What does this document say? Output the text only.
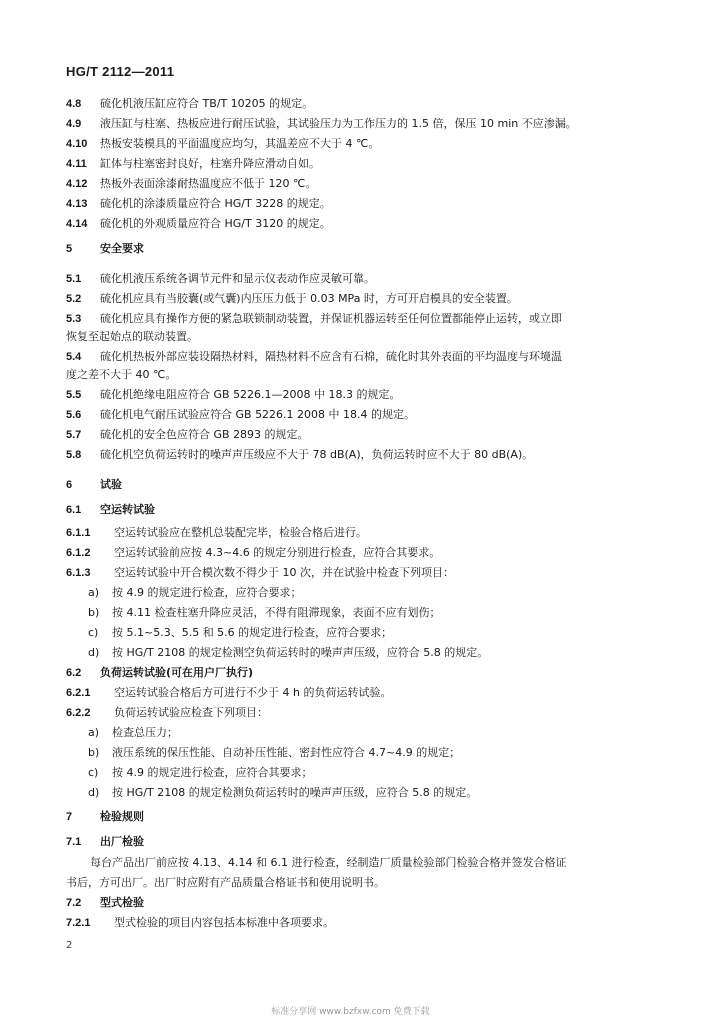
HG/T 2112—2011
4.8 硫化机液压缸应符合 TB/T 10205 的规定。
4.9 液压缸与柱塞、热板应进行耐压试验，其试验压力为工作压力的 1.5 倍，保压 10 min 不应渗漏。
4.10 热板安装模具的平面温度应均匀，其温差应不大于 4 ℃。
4.11 缸体与柱塞密封良好，柱塞升降应滑动自如。
4.12 热板外表面涂漆耐热温度应不低于 120 ℃。
4.13 硫化机的涂漆质量应符合 HG/T 3228 的规定。
4.14 硫化机的外观质量应符合 HG/T 3120 的规定。
5	安全要求
5.1 硫化机液压系统各调节元件和显示仪表动作应灵敏可靠。
5.2 硫化机应具有当胶囊(或气囊)内压压力低于 0.03 MPa 时，方可开启模具的安全装置。
5.3 硫化机应具有操作方便的紧急联锁制动装置，并保证机器运转至任何位置都能停止运转，或立即
恢复至起始点的联动装置。
5.4 硫化机热板外部应装设隔热材料，隔热材料不应含有石棉，硫化时其外表面的平均温度与环境温
度之差不大于 40 ℃。
5.5 硫化机绝缘电阻应符合 GB 5226.1—2008 中 18.3 的规定。
5.6 硫化机电气耐压试验应符合 GB 5226.1 2008 中 18.4 的规定。
5.7 硫化机的安全色应符合 GB 2893 的规定。
5.8 硫化机空负荷运转时的噪声声压级应不大于 78 dB(A)，负荷运转时应不大于 80 dB(A)。
6	试验
6.1 空运转试验
6.1.1 空运转试验应在整机总装配完毕，检验合格后进行。
6.1.2 空运转试验前应按 4.3~4.6 的规定分别进行检查，应符合其要求。
6.1.3 空运转试验中开合模次数不得少于 10 次，并在试验中检查下列项目：
a) 按 4.9 的规定进行检查，应符合要求；
b) 按 4.11 检查柱塞升降应灵活，不得有阻滞现象，表面不应有划伤；
c) 按 5.1~5.3、5.5 和 5.6 的规定进行检查，应符合要求；
d) 按 HG/T 2108 的规定检测空负荷运转时的噪声声压级，应符合 5.8 的规定。
6.2 负荷运转试验(可在用户厂执行)
6.2.1 空运转试验合格后方可进行不少于 4 h 的负荷运转试验。
6.2.2 负荷运转试验应检查下列项目：
a) 检查总压力；
b) 液压系统的保压性能、自动补压性能、密封性应符合 4.7~4.9 的规定；
c) 按 4.9 的规定进行检查，应符合其要求；
d) 按 HG/T 2108 的规定检测负荷运转时的噪声声压级，应符合 5.8 的规定。
7	检验规则
7.1 出厂检验
每台产品出厂前应按 4.13、4.14 和 6.1 进行检查，经制造厂质量检验部门检验合格并签发合格证
书后，方可出厂。出厂时应附有产品质量合格证书和使用说明书。
7.2 型式检验
7.2.1 型式检验的项目内容包括本标准中各项要求。
2
标准分享网 www.bzfxw.com 免费下载
